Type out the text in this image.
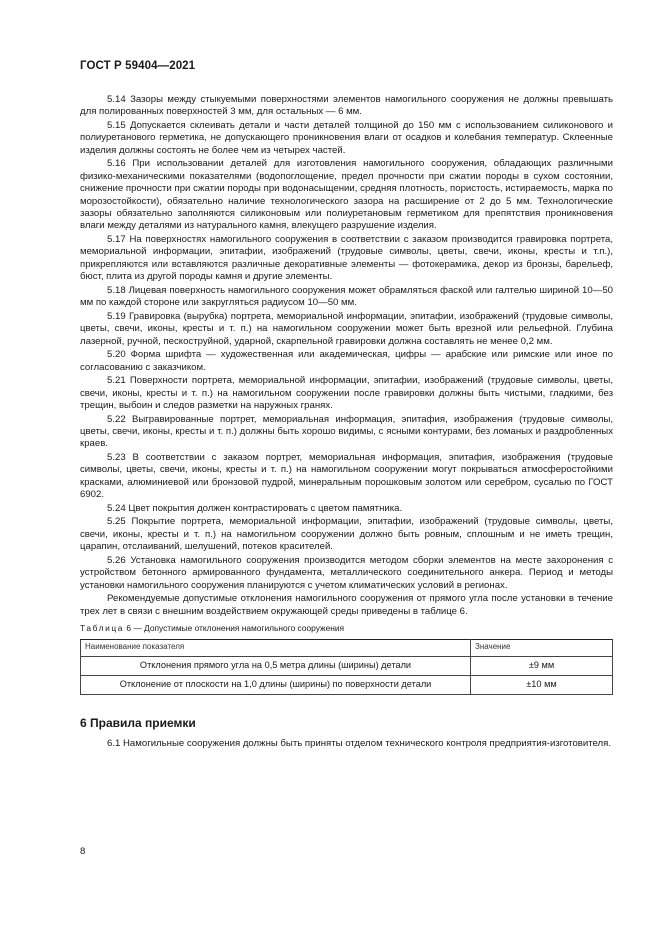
ГОСТ Р 59404—2021

5.14 Зазоры между стыкуемыми поверхностями элементов намогильного сооружения не должны превышать для полированных поверхностей 3 мм, для остальных — 6 мм.

5.15 Допускается склеивать детали и части деталей толщиной до 150 мм с использованием силиконового и полиуретанового герметика, не допускающего проникновения влаги от осадков и колебания температур. Склеенные изделия должны состоять не более чем из четырех частей.

5.16 При использовании деталей для изготовления намогильного сооружения, обладающих различными физико-механическими показателями (водопоглощение, предел прочности при сжатии породы в сухом состоянии, снижение прочности при сжатии породы при водонасыщении, средняя плотность, пористость, истираемость, марка по морозостойкости), обязательно наличие технологического зазора на расширение от 2 до 5 мм. Технологические зазоры обязательно заполняются силиконовым или полиуретановым герметиком для препятствия проникновения влаги между деталями из натурального камня, влекущего разрушение изделия.

5.17 На поверхностях намогильного сооружения в соответствии с заказом производится гравировка портрета, мемориальной информации, эпитафии, изображений (трудовые символы, цветы, свечи, иконы, кресты и т.п.), прикрепляются или вставляются различные декоративные элементы — фотокерамика, декор из бронзы, барельеф, бюст, плита из другой породы камня и другие элементы.

5.18 Лицевая поверхность намогильного сооружения может обрамляться фаской или галтелью шириной 10—50 мм по каждой стороне или закругляться радиусом 10—50 мм.

5.19 Гравировка (вырубка) портрета, мемориальной информации, эпитафии, изображений (трудовые символы, цветы, свечи, иконы, кресты и т. п.) на намогильном сооружении может быть врезной или рельефной. Глубина лазерной, ручной, пескоструйной, ударной, скарпельной гравировки должна составлять не менее 0,2 мм.

5.20 Форма шрифта — художественная или академическая, цифры — арабские или римские или иное по согласованию с заказчиком.

5.21 Поверхности портрета, мемориальной информации, эпитафии, изображений (трудовые символы, цветы, свечи, иконы, кресты и т. п.) на намогильном сооружении после гравировки должны быть чистыми, гладкими, без трещин, выбоин и следов разметки на наружных гранях.

5.22 Выгравированные портрет, мемориальная информация, эпитафия, изображения (трудовые символы, цветы, свечи, иконы, кресты и т. п.) должны быть хорошо видимы, с ясными контурами, без ломаных и раздробленных краев.

5.23 В соответствии с заказом портрет, мемориальная информация, эпитафия, изображения (трудовые символы, цветы, свечи, иконы, кресты и т. п.) на намогильном сооружении могут покрываться атмосферостойкими красками, алюминиевой или бронзовой пудрой, минеральным порошковым золотом или серебром, сусалью по ГОСТ 6902.

5.24 Цвет покрытия должен контрастировать с цветом памятника.

5.25 Покрытие портрета, мемориальной информации, эпитафии, изображений (трудовые символы, цветы, свечи, иконы, кресты и т. п.) на намогильном сооружении должно быть ровным, сплошным и не иметь трещин, царапин, отслаиваний, шелушений, потеков красителей.

5.26 Установка намогильного сооружения производится методом сборки элементов на месте захоронения с устройством бетонного армированного фундамента, металлического соединительного анкера. Период и методы установки намогильного сооружения планируются с учетом климатических условий в регионах.

Рекомендуемые допустимые отклонения намогильного сооружения от прямого угла после установки в течение трех лет в связи с внешним воздействием окружающей среды приведены в таблице 6.

Таблица 6 — Допустимые отклонения намогильного сооружения

Наименование показателя	Значение
Отклонения прямого угла на 0,5 метра длины (ширины) детали	±9 мм
Отклонение от плоскости на 1,0 длины (ширины) по поверхности детали	±10 мм
6 Правила приемки

6.1 Намогильные сооружения должны быть приняты отделом технического контроля предприятия-изготовителя.

8
